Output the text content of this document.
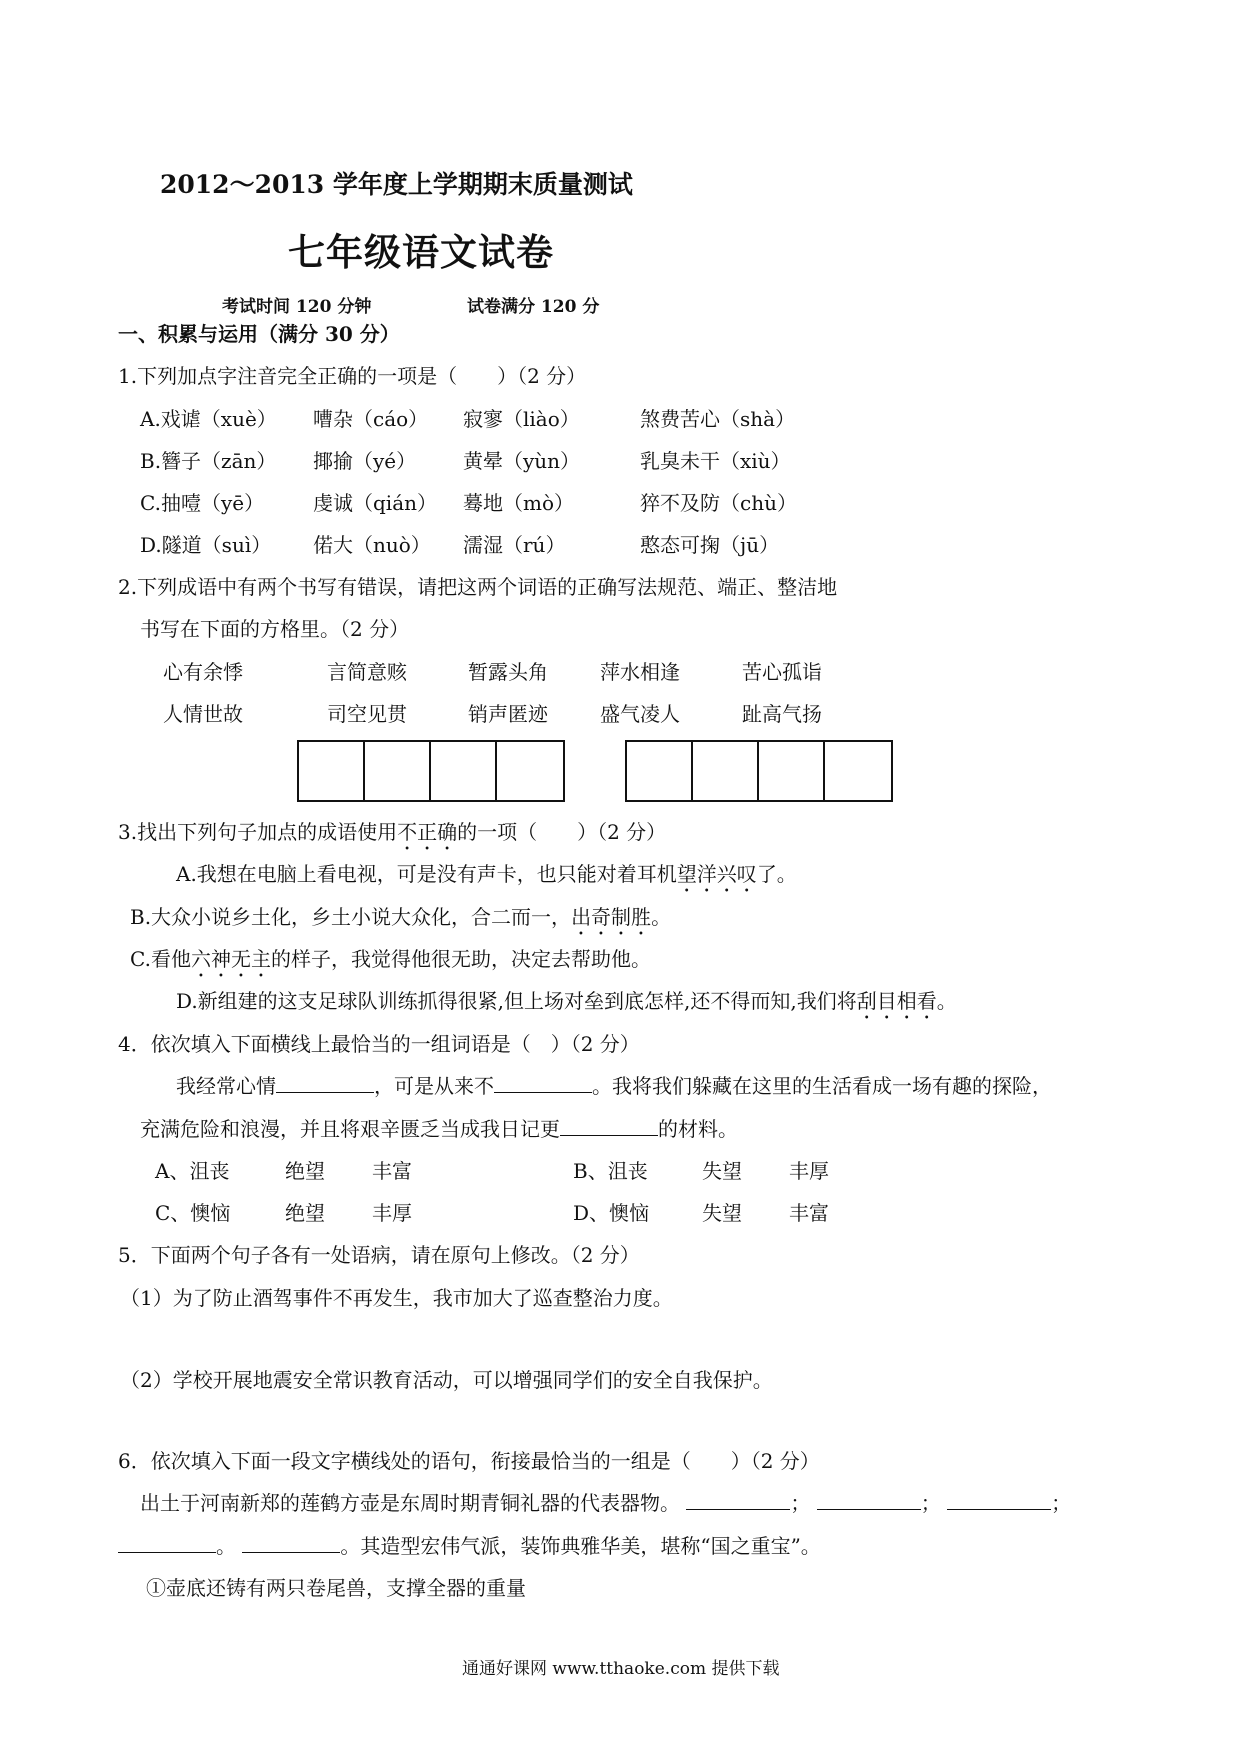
2012～2013 学年度上学期期末质量测试
七年级语文试卷
考试时间 120 分钟	试卷满分 120 分
一、积累与运用（满分 30 分）
1.下列加点字注音完全正确的一项是（　　）（2 分）
A.戏谑（xuè） 嘈杂（cáo） 寂寥（liào）	煞费苦心（shà）
B.簪子（zān） 揶揄（yé） 黄晕（yùn）	乳臭未干（xiù）
C.抽噎（yē） 虔诚（qián） 蓦地（mò）	猝不及防（chù）
D.隧道（suì） 偌大（nuò） 濡湿（rú）	憨态可掬（jū）
2.下列成语中有两个书写有错误，请把这两个词语的正确写法规范、端正、整洁地
书写在下面的方格里。（2 分）
心有余悸	言简意赅	暂露头角	萍水相逢	苦心孤诣
人情世故	司空见贯	销声匿迹	盛气凌人	趾高气扬
3.找出下列句子加点的成语使用不正确的一项（　　）（2 分）
A.我想在电脑上看电视，可是没有声卡，也只能对着耳机望洋兴叹了。
B.大众小说乡土化，乡土小说大众化，合二而一，出奇制胜。
C.看他六神无主的样子，我觉得他很无助，决定去帮助他。
D.新组建的这支足球队训练抓得很紧,但上场对垒到底怎样,还不得而知,我们将刮目相看。
4．依次填入下面横线上最恰当的一组词语是（　）（2 分）
我经常心情	，可是从来不	。我将我们躲藏在这里的生活看成一场有趣的探险，
充满危险和浪漫，并且将艰辛匮乏当成我日记更	的材料。
A、沮丧	绝望 丰富	B、沮丧	失望 丰厚
C、懊恼	绝望 丰厚	D、懊恼	失望 丰富
5．下面两个句子各有一处语病，请在原句上修改。（2 分）
（1）为了防止酒驾事件不再发生，我市加大了巡查整治力度。
（2）学校开展地震安全常识教育活动，可以增强同学们的安全自我保护。
6．依次填入下面一段文字横线处的语句，衔接最恰当的一组是（　　）（2 分）
出土于河南新郑的莲鹤方壶是东周时期青铜礼器的代表器物。	；	；	；
。	。其造型宏伟气派，装饰典雅华美，堪称“国之重宝”。
①壶底还铸有两只卷尾兽，支撑全器的重量
通通好课网 www.tthaoke.com 提供下载
